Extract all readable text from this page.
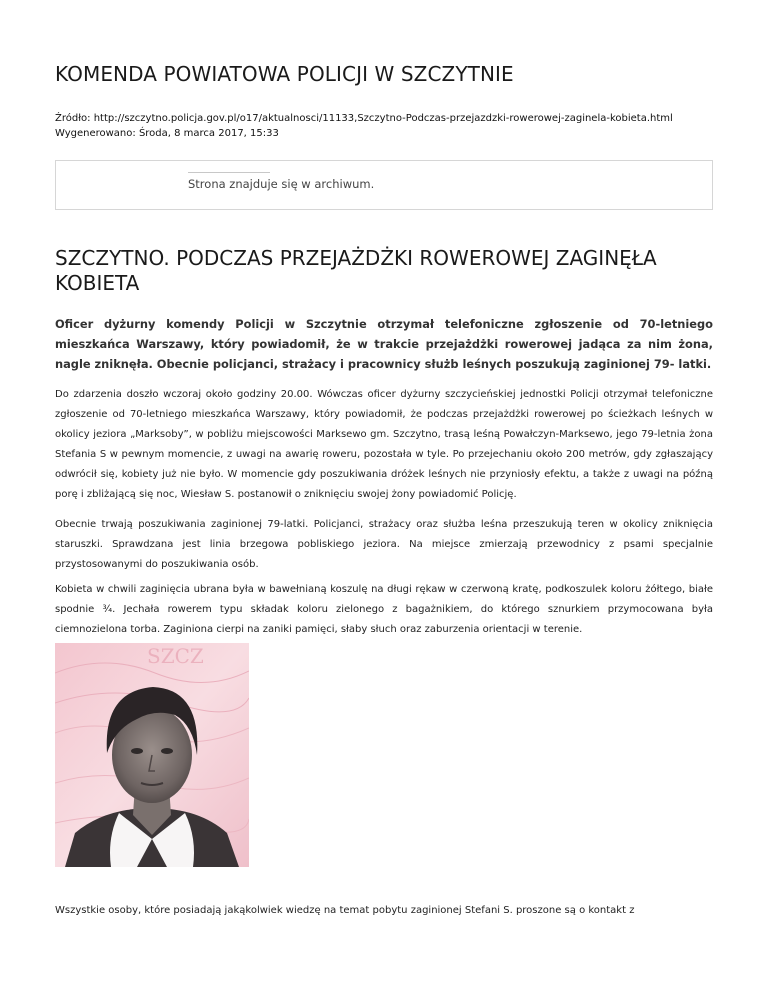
KOMENDA POWIATOWA POLICJI W SZCZYTNIE
Źródło: http://szczytno.policja.gov.pl/o17/aktualnosci/11133,Szczytno-Podczas-przejazdzki-rowerowej-zaginela-kobieta.html
Wygenerowano: Środa, 8 marca 2017, 15:33
Strona znajduje się w archiwum.
SZCZYTNO. PODCZAS PRZEJAŻDŻKI ROWEROWEJ ZAGINĘŁA KOBIETA

Oficer dyżurny komendy Policji w Szczytnie otrzymał telefoniczne zgłoszenie od 70-letniego mieszkańca Warszawy, który powiadomił, że w trakcie przejażdżki rowerowej jadąca za nim żona, nagle zniknęła. Obecnie policjanci, strażacy i pracownicy służb leśnych poszukują zaginionej 79- latki.

Do zdarzenia doszło wczoraj około godziny 20.00. Wówczas oficer dyżurny szczycieńskiej jednostki Policji otrzymał telefoniczne zgłoszenie od 70-letniego mieszkańca Warszawy, który powiadomił, że podczas przejażdżki rowerowej po ścieżkach leśnych w okolicy jeziora „Marksoby”, w pobliżu miejscowości Marksewo gm. Szczytno, trasą leśną Powałczyn-Marksewo, jego 79-letnia żona Stefania S w pewnym momencie, z uwagi na awarię roweru, pozostała w tyle. Po przejechaniu około 200 metrów, gdy zgłaszający odwrócił się, kobiety już nie było. W momencie gdy poszukiwania dróżek leśnych nie przyniosły efektu, a także z uwagi na późną porę i zbliżającą się noc, Wiesław S. postanowił o zniknięciu swojej żony powiadomić Policję.

Obecnie trwają poszukiwania zaginionej 79-latki. Policjanci, strażacy oraz służba leśna przeszukują teren w okolicy zniknięcia staruszki. Sprawdzana jest linia brzegowa pobliskiego jeziora. Na miejsce zmierzają przewodnicy z psami specjalnie przystosowanymi do poszukiwania osób.

Kobieta w chwili zaginięcia ubrana była w bawełnianą koszulę na długi rękaw w czerwoną kratę, podkoszulek koloru żółtego, białe spodnie ¾. Jechała rowerem typu składak koloru zielonego z bagażnikiem, do którego sznurkiem przymocowana była ciemnozielona torba. Zaginiona cierpi na zaniki pamięci, słaby słuch oraz zaburzenia orientacji w terenie.

SZCZ

Wszystkie osoby, które posiadają jakąkolwiek wiedzę na temat pobytu zaginionej Stefani S. proszone są o kontakt z
